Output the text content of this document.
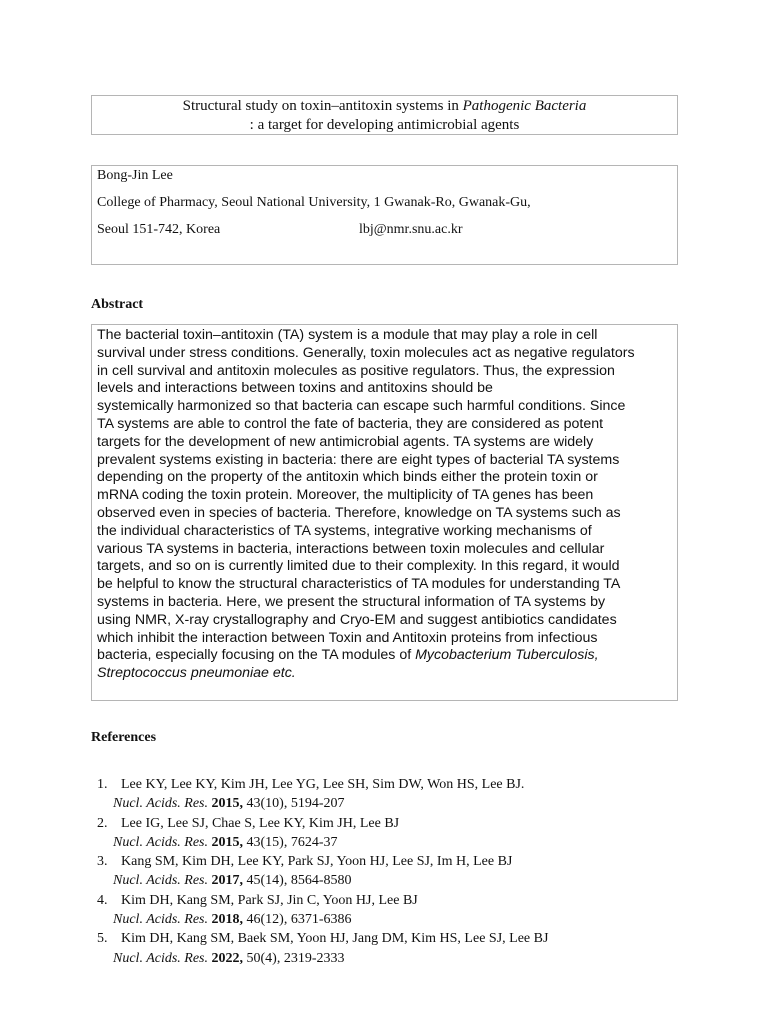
Structural study on toxin–antitoxin systems in Pathogenic Bacteria
: a target for developing antimicrobial agents
Bong-Jin Lee
College of Pharmacy, Seoul National University, 1 Gwanak-Ro, Gwanak-Gu,
Seoul 151-742, Korea	lbj@nmr.snu.ac.kr
Abstract

The bacterial toxin–antitoxin (TA) system is a module that may play a role in cell

survival under stress conditions. Generally, toxin molecules act as negative regulators

in cell survival and antitoxin molecules as positive regulators. Thus, the expression

levels and interactions between toxins and antitoxins should be

systemically harmonized so that bacteria can escape such harmful conditions. Since

TA systems are able to control the fate of bacteria, they are considered as potent

targets for the development of new antimicrobial agents. TA systems are widely

prevalent systems existing in bacteria: there are eight types of bacterial TA systems

depending on the property of the antitoxin which binds either the protein toxin or

mRNA coding the toxin protein. Moreover, the multiplicity of TA genes has been

observed even in species of bacteria. Therefore, knowledge on TA systems such as

the individual characteristics of TA systems, integrative working mechanisms of

various TA systems in bacteria, interactions between toxin molecules and cellular

targets, and so on is currently limited due to their complexity. In this regard, it would

be helpful to know the structural characteristics of TA modules for understanding TA

systems in bacteria. Here, we present the structural information of TA systems by

using NMR, X-ray crystallography and Cryo-EM and suggest antibiotics candidates

which inhibit the interaction between Toxin and Antitoxin proteins from infectious

bacteria, especially focusing on the TA modules of Mycobacterium Tuberculosis,

Streptococcus pneumoniae etc.

References
1. Lee KY, Lee KY, Kim JH, Lee YG, Lee SH, Sim DW, Won HS, Lee BJ.
Nucl. Acids. Res. 2015, 43(10), 5194-207
2. Lee IG, Lee SJ, Chae S, Lee KY, Kim JH, Lee BJ
Nucl. Acids. Res. 2015, 43(15), 7624-37
3. Kang SM, Kim DH, Lee KY, Park SJ, Yoon HJ, Lee SJ, Im H, Lee BJ
Nucl. Acids. Res. 2017, 45(14), 8564-8580
4. Kim DH, Kang SM, Park SJ, Jin C, Yoon HJ, Lee BJ
Nucl. Acids. Res. 2018, 46(12), 6371-6386
5. Kim DH, Kang SM, Baek SM, Yoon HJ, Jang DM, Kim HS, Lee SJ, Lee BJ
Nucl. Acids. Res. 2022, 50(4), 2319-2333
